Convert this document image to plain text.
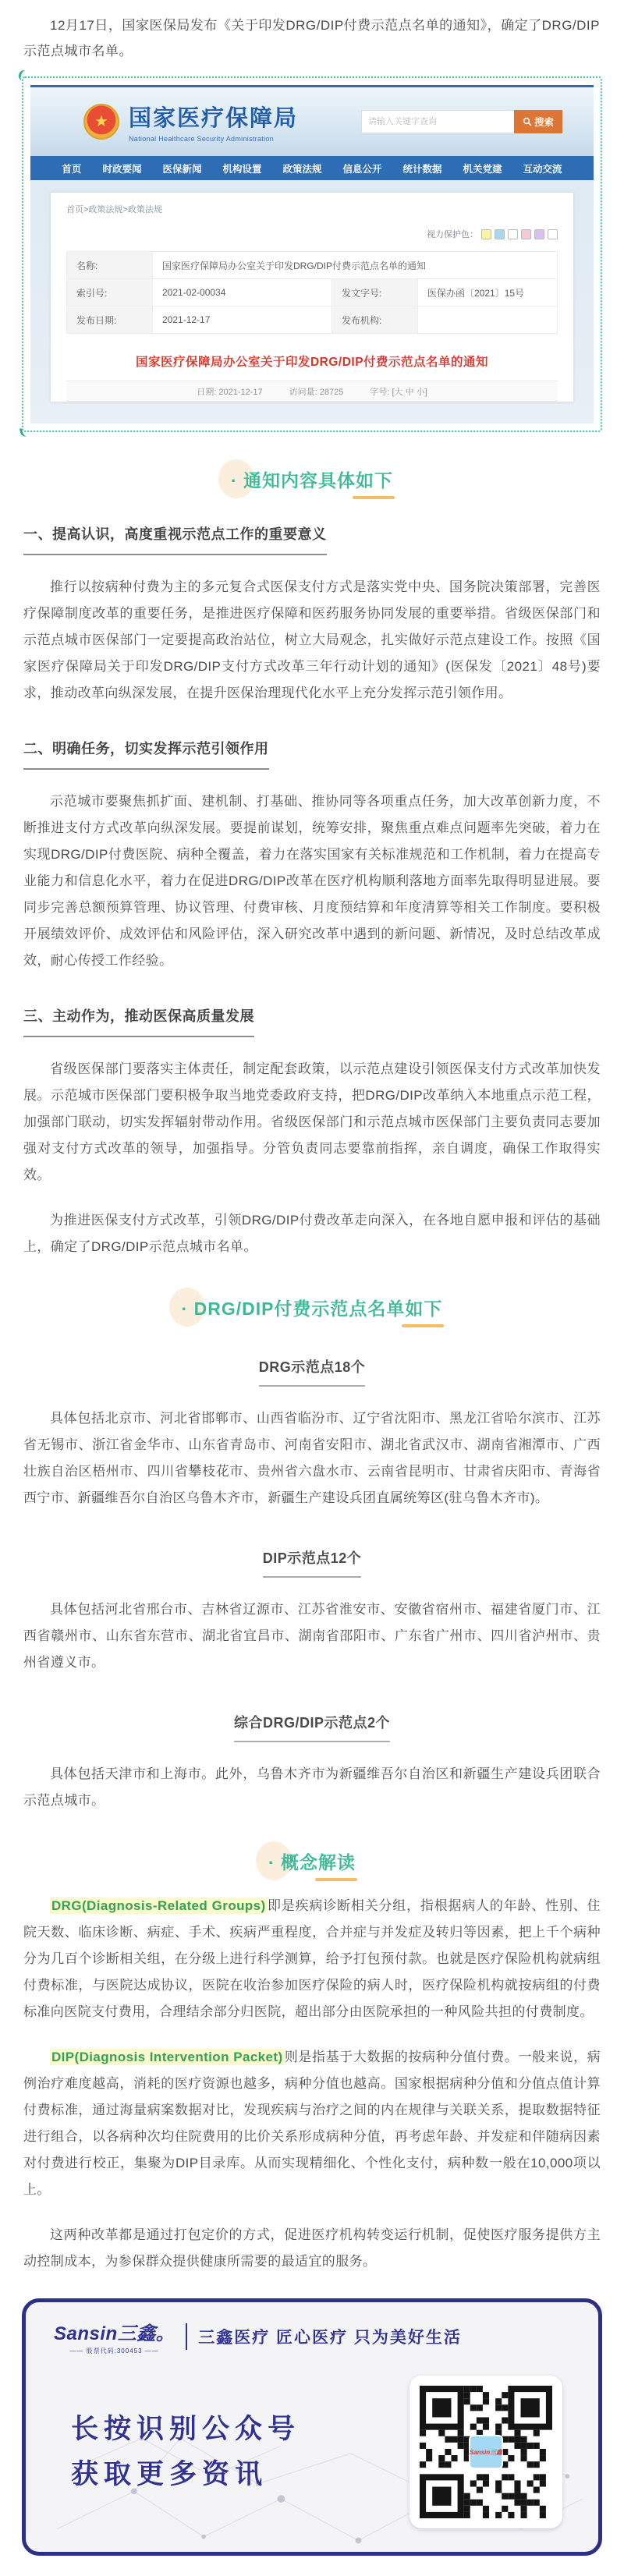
12月17日，国家医保局发布《关于印发DRG/DIP付费示范点名单的通知》，确定了DRG/DIP示范点城市名单。

★ 国家医疗保障局
National Healthcare Security Administration
请输入关键字查询
搜索
首页 时政要闻 医保新闻 机构设置 政策法规 信息公开 统计数据 机关党建 互动交流
首页>政策法规>政策法规
视力保护色：
名称:	国家医疗保障局办公室关于印发DRG/DIP付费示范点名单的通知		
索引号:	2021-02-00034	发文字号:	医保办函〔2021〕15号
发布日期:	2021-12-17	发布机构:	
国家医疗保障局办公室关于印发DRG/DIP付费示范点名单的通知
日期: 2021-12-17	访问量: 28725	字号: [大 中 小]
· 通知内容具体如下
一、提高认识，高度重视示范点工作的重要意义

推行以按病种付费为主的多元复合式医保支付方式是落实党中央、国务院决策部署，完善医疗保障制度改革的重要任务，是推进医疗保障和医药服务协同发展的重要举措。省级医保部门和示范点城市医保部门一定要提高政治站位，树立大局观念，扎实做好示范点建设工作。按照《国家医疗保障局关于印发DRG/DIP支付方式改革三年行动计划的通知》(医保发〔2021〕48号)要求，推动改革向纵深发展，在提升医保治理现代化水平上充分发挥示范引领作用。

二、明确任务，切实发挥示范引领作用

示范城市要聚焦抓扩面、建机制、打基础、推协同等各项重点任务，加大改革创新力度，不断推进支付方式改革向纵深发展。要提前谋划，统筹安排，聚焦重点难点问题率先突破，着力在实现DRG/DIP付费医院、病种全覆盖，着力在落实国家有关标准规范和工作机制，着力在提高专业能力和信息化水平，着力在促进DRG/DIP改革在医疗机构顺利落地方面率先取得明显进展。要同步完善总额预算管理、协议管理、付费审核、月度预结算和年度清算等相关工作制度。要积极开展绩效评价、成效评估和风险评估，深入研究改革中遇到的新问题、新情况，及时总结改革成效，耐心传授工作经验。

三、主动作为，推动医保高质量发展

省级医保部门要落实主体责任，制定配套政策，以示范点建设引领医保支付方式改革加快发展。示范城市医保部门要积极争取当地党委政府支持，把DRG/DIP改革纳入本地重点示范工程，加强部门联动，切实发挥辐射带动作用。省级医保部门和示范点城市医保部门主要负责同志要加强对支付方式改革的领导，加强指导。分管负责同志要靠前指挥，亲自调度，确保工作取得实效。

为推进医保支付方式改革，引领DRG/DIP付费改革走向深入，在各地自愿申报和评估的基础上，确定了DRG/DIP示范点城市名单。

· DRG/DIP付费示范点名单如下
DRG示范点18个

具体包括北京市、河北省邯郸市、山西省临汾市、辽宁省沈阳市、黑龙江省哈尔滨市、江苏省无锡市、浙江省金华市、山东省青岛市、河南省安阳市、湖北省武汉市、湖南省湘潭市、广西壮族自治区梧州市、四川省攀枝花市、贵州省六盘水市、云南省昆明市、甘肃省庆阳市、青海省西宁市、新疆维吾尔自治区乌鲁木齐市，新疆生产建设兵团直属统筹区(驻乌鲁木齐市)。

DIP示范点12个

具体包括河北省邢台市、吉林省辽源市、江苏省淮安市、安徽省宿州市、福建省厦门市、江西省赣州市、山东省东营市、湖北省宜昌市、湖南省邵阳市、广东省广州市、四川省泸州市、贵州省遵义市。

综合DRG/DIP示范点2个

具体包括天津市和上海市。此外，乌鲁木齐市为新疆维吾尔自治区和新疆生产建设兵团联合示范点城市。

· 概念解读

DRG(Diagnosis-Related Groups) 即是疾病诊断相关分组，指根据病人的年龄、性别、住院天数、临床诊断、病症、手术、疾病严重程度，合并症与并发症及转归等因素，把上千个病种分为几百个诊断相关组，在分级上进行科学测算，给予打包预付款。也就是医疗保险机构就病组付费标准，与医院达成协议，医院在收治参加医疗保险的病人时，医疗保险机构就按病组的付费标准向医院支付费用，合理结余部分归医院，超出部分由医院承担的一种风险共担的付费制度。

DIP(Diagnosis Intervention Packet) 则是指基于大数据的按病种分值付费。一般来说，病例治疗难度越高，消耗的医疗资源也越多，病种分值也越高。国家根据病种分值和分值点值计算付费标准，通过海量病案数据对比，发现疾病与治疗之间的内在规律与关联关系，提取数据特征进行组合，以各病种次均住院费用的比价关系形成病种分值，再考虑年龄、并发症和伴随病因素对付费进行校正，集聚为DIP目录库。从而实现精细化、个性化支付，病种数一般在10,000项以上。

这两种改革都是通过打包定价的方式，促进医疗机构转变运行机制，促使医疗服务提供方主动控制成本，为参保群众提供健康所需要的最适宜的服务。

Sansin三鑫。
—— 股票代码:300453 ——
三鑫医疗 匠心医疗 只为美好生活
长按识别公众号
获取更多资讯
Sansin三鑫
